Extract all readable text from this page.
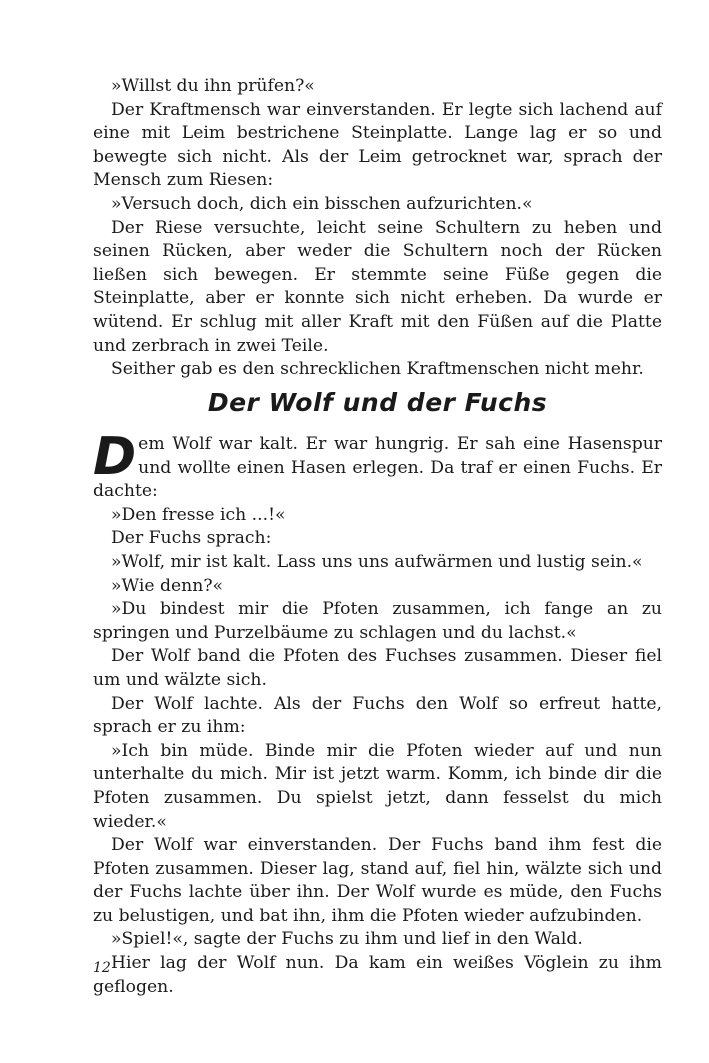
»Willst du ihn prüfen?«

Der Kraftmensch war einverstanden. Er legte sich lachend auf eine mit Leim bestrichene Steinplatte. Lange lag er so und bewegte sich nicht. Als der Leim getrocknet war, sprach der Mensch zum Riesen:

»Versuch doch, dich ein bisschen aufzurichten.«

Der Riese versuchte, leicht seine Schultern zu heben und seinen Rücken, aber weder die Schultern noch der Rücken ließen sich bewegen. Er stemmte seine Füße gegen die Steinplatte, aber er konnte sich nicht erheben. Da wurde er wütend. Er schlug mit aller Kraft mit den Füßen auf die Platte und zerbrach in zwei Teile.

Seither gab es den schrecklichen Kraftmenschen nicht mehr.

Der Wolf und der Fuchs

Dem Wolf war kalt. Er war hungrig. Er sah eine Hasenspur und wollte einen Hasen erlegen. Da traf er einen Fuchs. Er dachte:

»Den fresse ich ...!«

Der Fuchs sprach:

»Wolf, mir ist kalt. Lass uns uns aufwärmen und lustig sein.«

»Wie denn?«

»Du bindest mir die Pfoten zusammen, ich fange an zu springen und Purzelbäume zu schlagen und du lachst.«

Der Wolf band die Pfoten des Fuchses zusammen. Dieser fiel um und wälzte sich.

Der Wolf lachte. Als der Fuchs den Wolf so erfreut hatte, sprach er zu ihm:

»Ich bin müde. Binde mir die Pfoten wieder auf und nun unterhalte du mich. Mir ist jetzt warm. Komm, ich binde dir die Pfoten zusammen. Du spielst jetzt, dann fesselst du mich wieder.«

Der Wolf war einverstanden. Der Fuchs band ihm fest die Pfoten zusammen. Dieser lag, stand auf, fiel hin, wälzte sich und der Fuchs lachte über ihn. Der Wolf wurde es müde, den Fuchs zu belustigen, und bat ihn, ihm die Pfoten wieder aufzubinden.

»Spiel!«, sagte der Fuchs zu ihm und lief in den Wald.

Hier lag der Wolf nun. Da kam ein weißes Vöglein zu ihm geflogen.

12
